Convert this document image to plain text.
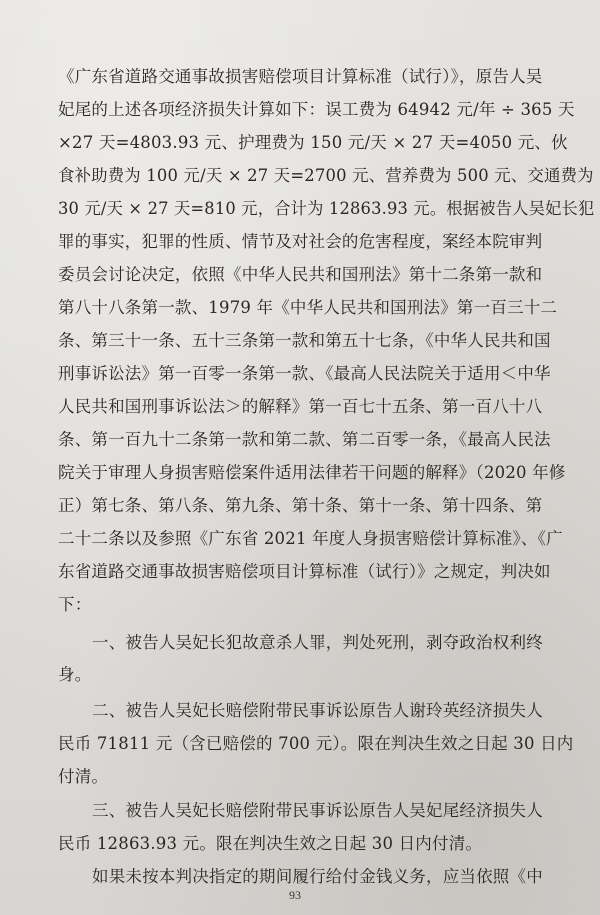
《广东省道路交通事故损害赔偿项目计算标准（试行）》，原告人吴
妃尾的上述各项经济损失计算如下：误工费为 64942 元/年 ÷ 365 天
×27 天=4803.93 元、护理费为 150 元/天 × 27 天=4050 元、伙
食补助费为 100 元/天 × 27 天=2700 元、营养费为 500 元、交通费为
30 元/天 × 27 天=810 元，合计为 12863.93 元。根据被告人吴妃长犯
罪的事实，犯罪的性质、情节及对社会的危害程度，案经本院审判
委员会讨论决定，依照《中华人民共和国刑法》第十二条第一款和
第八十八条第一款、1979 年《中华人民共和国刑法》第一百三十二
条、第三十一条、五十三条第一款和第五十七条，《中华人民共和国
刑事诉讼法》第一百零一条第一款、《最高人民法院关于适用＜中华
人民共和国刑事诉讼法＞的解释》第一百七十五条、第一百八十八
条、第一百九十二条第一款和第二款、第二百零一条，《最高人民法
院关于审理人身损害赔偿案件适用法律若干问题的解释》（2020 年修
正）第七条、第八条、第九条、第十条、第十一条、第十四条、第
二十二条以及参照《广东省 2021 年度人身损害赔偿计算标准》、《广
东省道路交通事故损害赔偿项目计算标准（试行）》之规定，判决如
下：
一、被告人吴妃长犯故意杀人罪，判处死刑，剥夺政治权利终
身。
二、被告人吴妃长赔偿附带民事诉讼原告人谢玲英经济损失人
民币 71811 元（含已赔偿的 700 元）。限在判决生效之日起 30 日内
付清。
三、被告人吴妃长赔偿附带民事诉讼原告人吴妃尾经济损失人
民币 12863.93 元。限在判决生效之日起 30 日内付清。
如果未按本判决指定的期间履行给付金钱义务，应当依照《中
93
